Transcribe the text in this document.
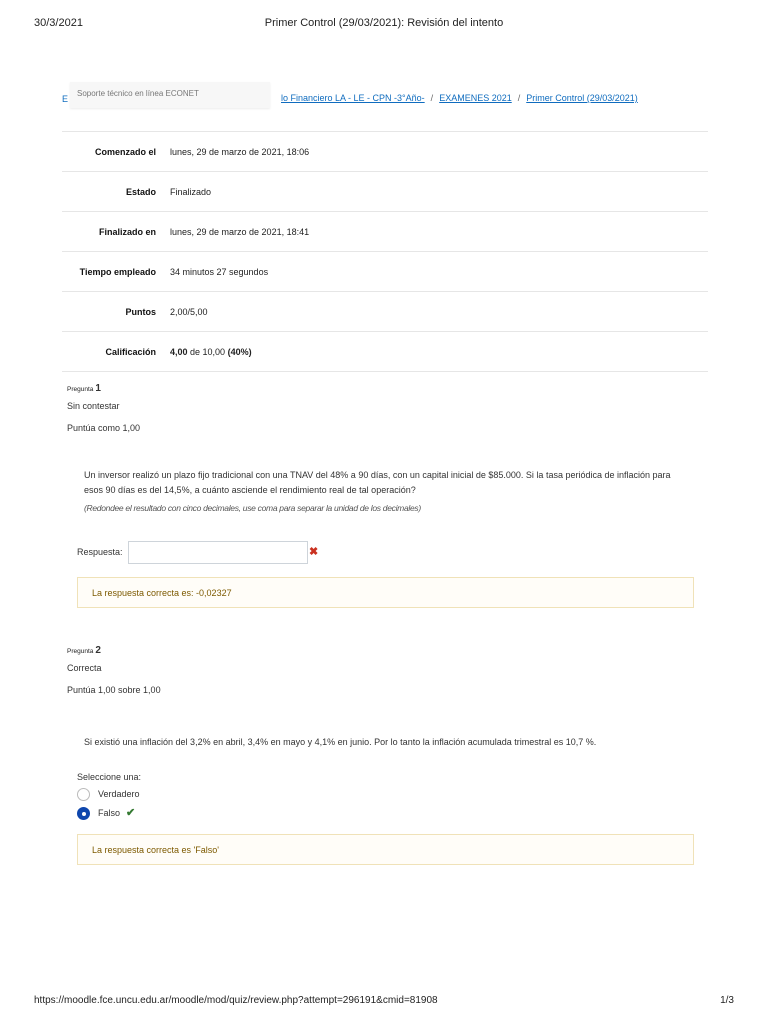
30/3/2021	Primer Control (29/03/2021): Revisión del intento
E
Soporte técnico en línea ECONET	lo Financiero LA - LE - CPN -3°Año- / EXAMENES 2021 / Primer Control (29/03/2021)
Comenzado el	lunes, 29 de marzo de 2021, 18:06
Estado	Finalizado
Finalizado en	lunes, 29 de marzo de 2021, 18:41
Tiempo empleado	34 minutos 27 segundos
Puntos	2,00/5,00
Calificación	4,00 de 10,00 (40%)
Pregunta 1
Sin contestar
Puntúa como 1,00
Un inversor realizó un plazo fijo tradicional con una TNAV del 48% a 90 días, con un capital inicial de $85.000. Si la tasa periódica de inflación para esos 90 días es del 14,5%, a cuánto asciende el rendimiento real de tal operación?
(Redondee el resultado con cinco decimales, use coma para separar la unidad de los decimales)
Respuesta:	✖
La respuesta correcta es: -0,02327
Pregunta 2
Correcta
Puntúa 1,00 sobre 1,00
Si existió una inflación del 3,2% en abril, 3,4% en mayo y 4,1% en junio. Por lo tanto la inflación acumulada trimestral es 10,7 %.
Seleccione una:
Verdadero
Falso ✔
La respuesta correcta es 'Falso'
https://moodle.fce.uncu.edu.ar/moodle/mod/quiz/review.php?attempt=296191&cmid=81908	1/3
